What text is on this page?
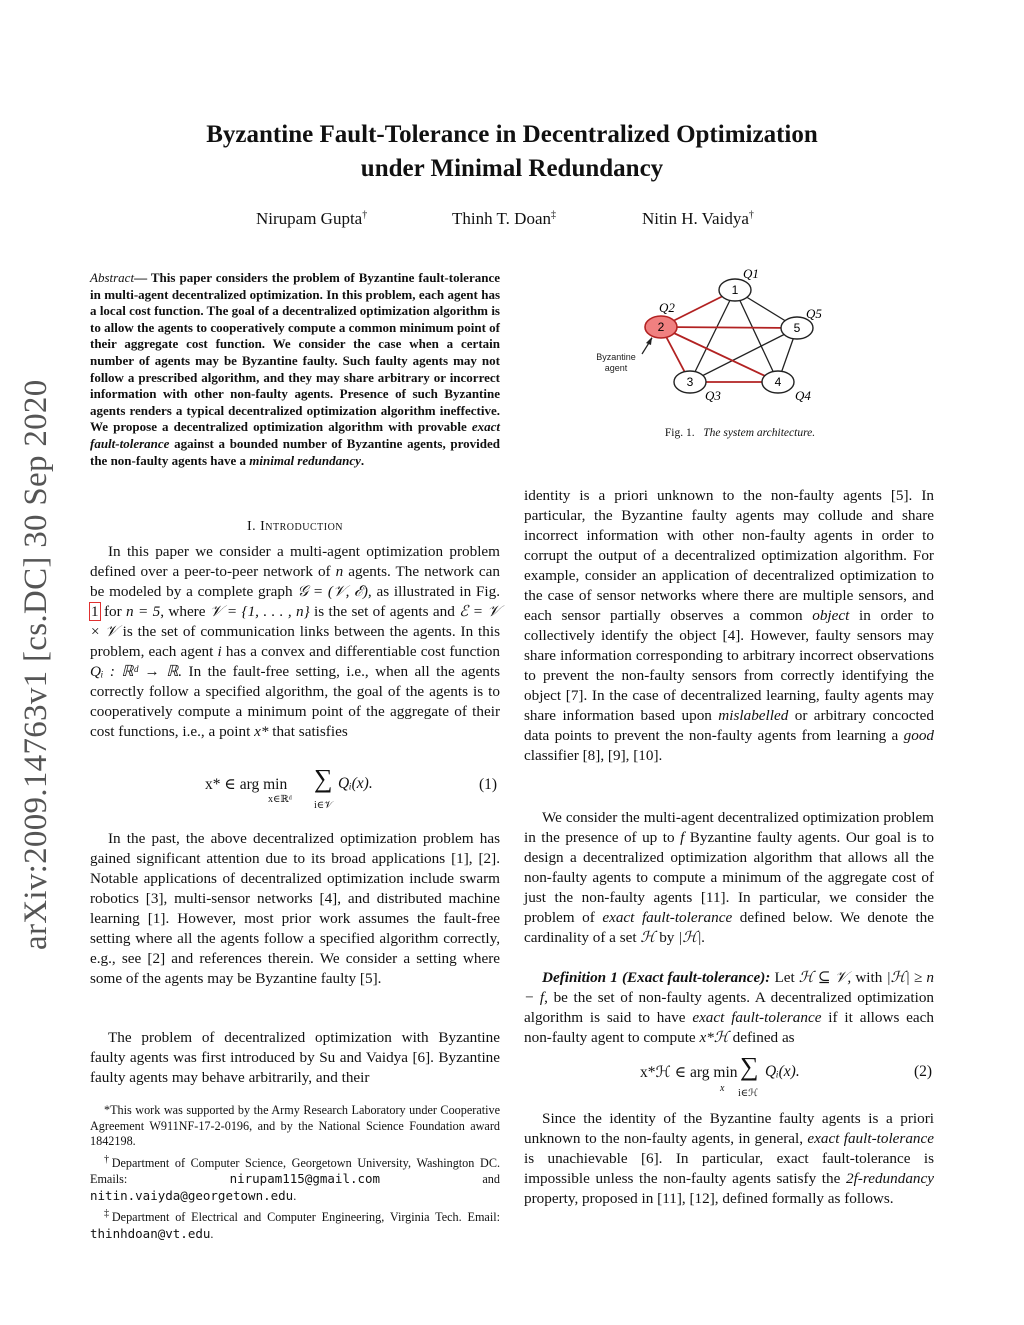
Byzantine Fault-Tolerance in Decentralized Optimization
under Minimal Redundancy
Nirupam Gupta†	Thinh T. Doan‡	Nitin H. Vaidya†
arXiv:2009.14763v1 [cs.DC] 30 Sep 2020
Abstract— This paper considers the problem of Byzantine fault-tolerance in multi-agent decentralized optimization. In this problem, each agent has a local cost function. The goal of a decentralized optimization algorithm is to allow the agents to cooperatively compute a common minimum point of their aggregate cost function. We consider the case when a certain number of agents may be Byzantine faulty. Such faulty agents may not follow a prescribed algorithm, and they may share arbitrary or incorrect information with other non-faulty agents. Presence of such Byzantine agents renders a typical decentralized optimization algorithm ineffective. We propose a decentralized optimization algorithm with provable exact fault-tolerance against a bounded number of Byzantine agents, provided the non-faulty agents have a minimal redundancy.
I. Introduction

In this paper we consider a multi-agent optimization problem defined over a peer-to-peer network of n agents. The network can be modeled by a complete graph 𝒢 = (𝒱, ℰ), as illustrated in Fig. 1 for n = 5, where 𝒱 = {1, . . . , n} is the set of agents and ℰ = 𝒱 × 𝒱 is the set of communication links between the agents. In this problem, each agent i has a convex and differentiable cost function Qᵢ : ℝᵈ → ℝ. In the fault-free setting, i.e., when all the agents correctly follow a specified algorithm, the goal of the agents is to cooperatively compute a minimum point of the aggregate of their cost functions, i.e., a point x* that satisfies

x* ∈ arg min
x∈ℝᵈ
∑
i∈𝒱
Qᵢ(x).	(1)

In the past, the above decentralized optimization problem has gained significant attention due to its broad applications [1], [2]. Notable applications of decentralized optimization include swarm robotics [3], multi-sensor networks [4], and distributed machine learning [1]. However, most prior work assumes the fault-free setting where all the agents follow a specified algorithm correctly, e.g., see [2] and references therein. We consider a setting where some of the agents may be Byzantine faulty [5].

The problem of decentralized optimization with Byzantine faulty agents was first introduced by Su and Vaidya [6]. Byzantine faulty agents may behave arbitrarily, and their

*This work was supported by the Army Research Laboratory under Cooperative Agreement W911NF-17-2-0196, and by the National Science Foundation award 1842198.

†Department of Computer Science, Georgetown University, Washington DC. Emails: nirupam115@gmail.com and nitin.vaiyda@georgetown.edu.

‡Department of Electrical and Computer Engineering, Virginia Tech. Email: thinhdoan@vt.edu.

1
2
3	4
5
Q1
Q2
Q3	Q4
Q5
Byzantine
agent
Fig. 1. The system architecture.

identity is a priori unknown to the non-faulty agents [5]. In particular, the Byzantine faulty agents may collude and share incorrect information with other non-faulty agents in order to corrupt the output of a decentralized optimization algorithm. For example, consider an application of decentralized optimization to the case of sensor networks where there are multiple sensors, and each sensor partially observes a common object in order to collectively identify the object [4]. However, faulty sensors may share information corresponding to arbitrary incorrect observations to prevent the non-faulty sensors from correctly identifying the object [7]. In the case of decentralized learning, faulty agents may share information based upon mislabelled or arbitrary concocted data points to prevent the non-faulty agents from learning a good classifier [8], [9], [10].

We consider the multi-agent decentralized optimization problem in the presence of up to f Byzantine faulty agents. Our goal is to design a decentralized optimization algorithm that allows all the non-faulty agents to compute a minimum of the aggregate cost of just the non-faulty agents [11]. In particular, we consider the problem of exact fault-tolerance defined below. We denote the cardinality of a set ℋ by |ℋ|.

Definition 1 (Exact fault-tolerance): Let ℋ ⊆ 𝒱, with |ℋ| ≥ n − f, be the set of non-faulty agents. A decentralized optimization algorithm is said to have exact fault-tolerance if it allows each non-faulty agent to compute x*ℋ defined as

x*ℋ ∈ arg min
x
∑
i∈ℋ
Qᵢ(x).	(2)

Since the identity of the Byzantine faulty agents is a priori unknown to the non-faulty agents, in general, exact fault-tolerance is unachievable [6]. In particular, exact fault-tolerance is impossible unless the non-faulty agents satisfy the 2f-redundancy property, proposed in [11], [12], defined formally as follows.
